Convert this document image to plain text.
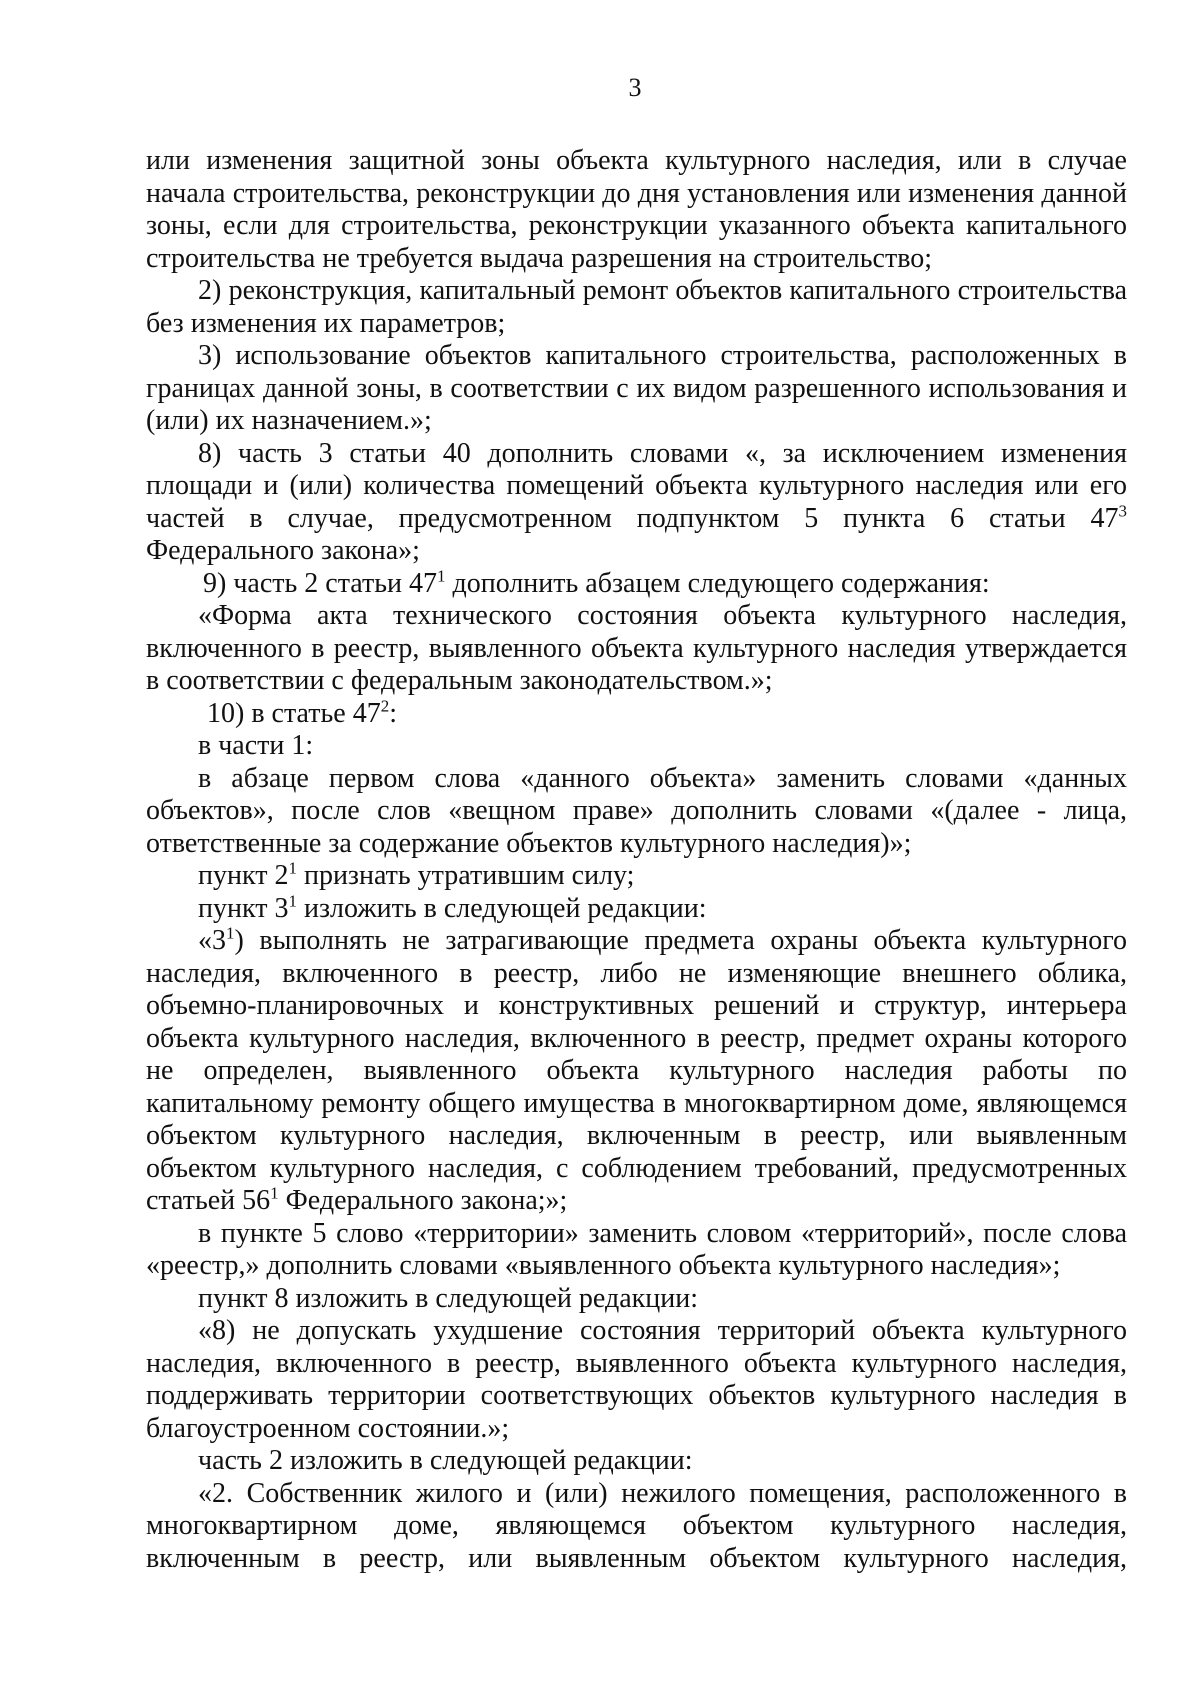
3

или изменения защитной зоны объекта культурного наследия, или в случае начала строительства, реконструкции до дня установления или изменения данной зоны, если для строительства, реконструкции указанного объекта капитального строительства не требуется выдача разрешения на строительство;

2) реконструкция, капитальный ремонт объектов капитального строительства без изменения их параметров;

3) использование объектов капитального строительства, расположенных в границах данной зоны, в соответствии с их видом разрешенного использования и (или) их назначением.»;

8) часть 3 статьи 40 дополнить словами «, за исключением изменения площади и (или) количества помещений объекта культурного наследия или его частей в случае, предусмотренном подпунктом 5 пункта 6 статьи $47^3$ Федерального закона»;

9) часть 2 статьи $47^1$ дополнить абзацем следующего содержания:

«Форма акта технического состояния объекта культурного наследия, включенного в реестр, выявленного объекта культурного наследия утверждается в соответствии с федеральным законодательством.»;

10) в статье $47^2$:

в части 1:

в абзаце первом слова «данного объекта» заменить словами «данных объектов», после слов «вещном праве» дополнить словами «(далее - лица, ответственные за содержание объектов культурного наследия)»;

пункт $2^1$ признать утратившим силу;

пункт $3^1$ изложить в следующей редакции:

«$3^1$) выполнять не затрагивающие предмета охраны объекта культурного наследия, включенного в реестр, либо не изменяющие внешнего облика, объемно-планировочных и конструктивных решений и структур, интерьера объекта культурного наследия, включенного в реестр, предмет охраны которого не определен, выявленного объекта культурного наследия работы по капитальному ремонту общего имущества в многоквартирном доме, являющемся объектом культурного наследия, включенным в реестр, или выявленным объектом культурного наследия, с соблюдением требований, предусмотренных статьей $56^1$ Федерального закона;»;

в пункте 5 слово «территории» заменить словом «территорий», после слова «реестр,» дополнить словами «выявленного объекта культурного наследия»;

пункт 8 изложить в следующей редакции:

«8) не допускать ухудшение состояния территорий объекта культурного наследия, включенного в реестр, выявленного объекта культурного наследия, поддерживать территории соответствующих объектов культурного наследия в благоустроенном состоянии.»;

часть 2 изложить в следующей редакции:

«2. Собственник жилого и (или) нежилого помещения, расположенного в многоквартирном доме, являющемся объектом культурного наследия, включенным в реестр, или выявленным объектом культурного наследия,
